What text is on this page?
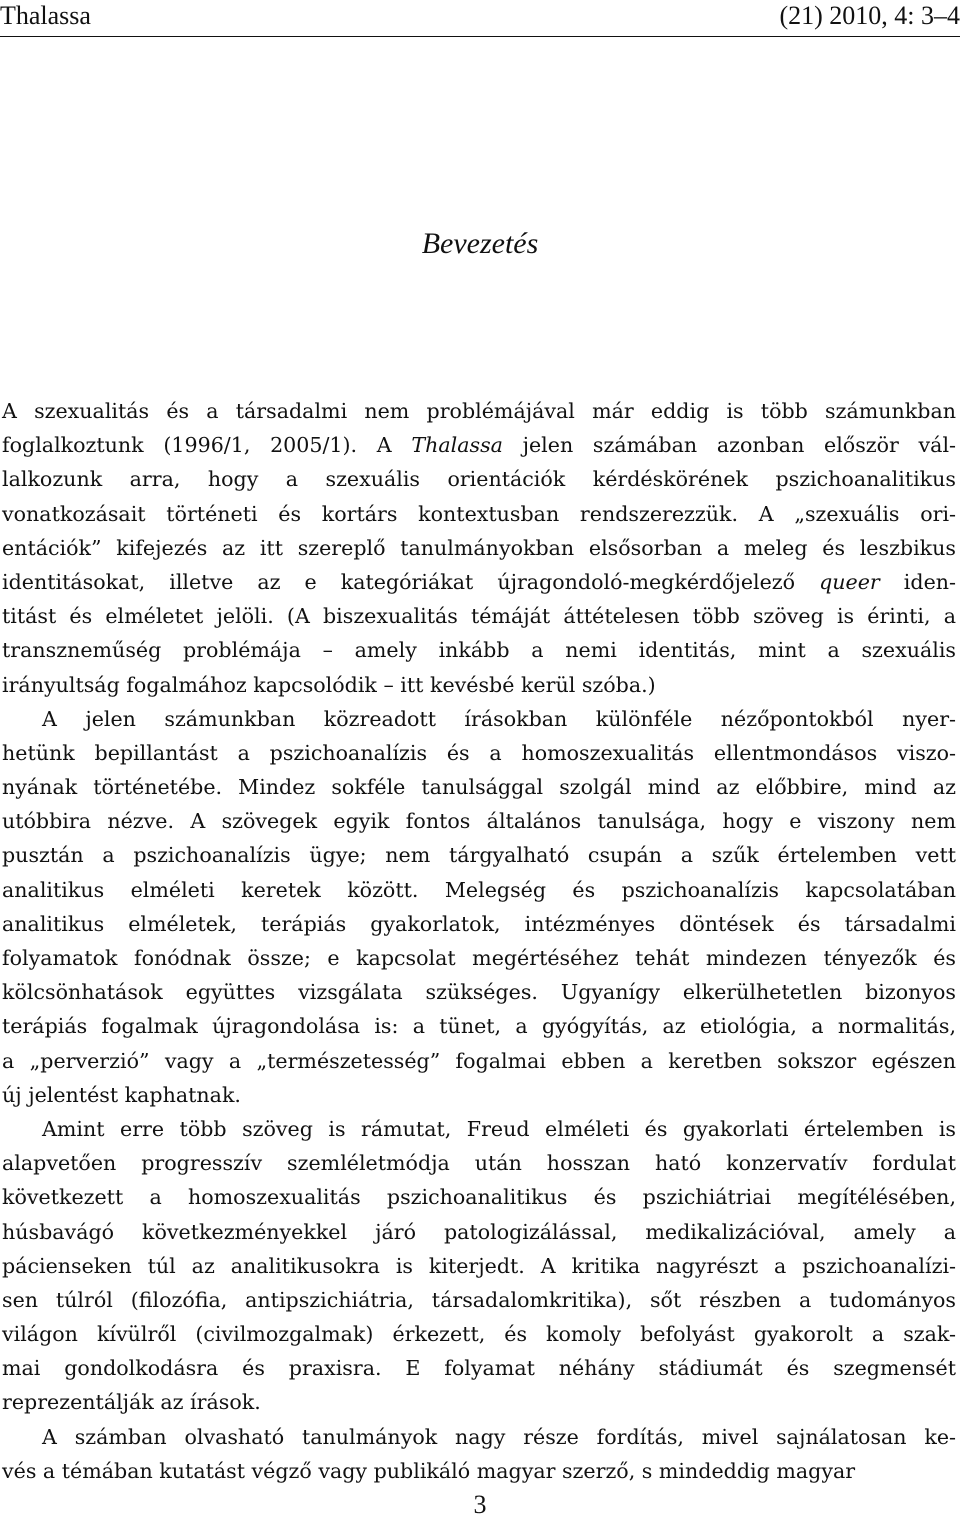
Thalassa	(21) 2010, 4: 3–4
Bevezetés
A szexualitás és a társadalmi nem problémájával már eddig is több számunkban
foglalkoztunk (1996/1, 2005/1). A Thalassa jelen számában azonban először vál-
lalkozunk arra, hogy a szexuális orientációk kérdéskörének pszichoanalitikus
vonatkozásait történeti és kortárs kontextusban rendszerezzük. A „szexuális ori-
entációk” kifejezés az itt szereplő tanulmányokban elsősorban a meleg és leszbikus
identitásokat, illetve az e kategóriákat újragondoló-megkérdőjelező queer iden-
titást és elméletet jelöli. (A biszexualitás témáját áttételesen több szöveg is érinti, a
transzneműség problémája – amely inkább a nemi identitás, mint a szexuális
irányultság fogalmához kapcsolódik – itt kevésbé kerül szóba.)
A jelen számunkban közreadott írásokban különféle nézőpontokból nyer-
hetünk bepillantást a pszichoanalízis és a homoszexualitás ellentmondásos viszo-
nyának történetébe. Mindez sokféle tanulsággal szolgál mind az előbbire, mind az
utóbbira nézve. A szövegek egyik fontos általános tanulsága, hogy e viszony nem
pusztán a pszichoanalízis ügye; nem tárgyalható csupán a szűk értelemben vett
analitikus elméleti keretek között. Melegség és pszichoanalízis kapcsolatában
analitikus elméletek, terápiás gyakorlatok, intézményes döntések és társadalmi
folyamatok fonódnak össze; e kapcsolat megértéséhez tehát mindezen tényezők és
kölcsönhatások együttes vizsgálata szükséges. Ugyanígy elkerülhetetlen bizonyos
terápiás fogalmak újragondolása is: a tünet, a gyógyítás, az etiológia, a normalitás,
a „perverzió” vagy a „természetesség” fogalmai ebben a keretben sokszor egészen
új jelentést kaphatnak.
Amint erre több szöveg is rámutat, Freud elméleti és gyakorlati értelemben is
alapvetően progresszív szemléletmódja után hosszan ható konzervatív fordulat
következett a homoszexualitás pszichoanalitikus és pszichiátriai megítélésében,
húsbavágó következményekkel járó patologizálással, medikalizációval, amely a
pácienseken túl az analitikusokra is kiterjedt. A kritika nagyrészt a pszichoanalízi-
sen túlról (filozófia, antipszichiátria, társadalomkritika), sőt részben a tudományos
világon kívülről (civilmozgalmak) érkezett, és komoly befolyást gyakorolt a szak-
mai gondolkodásra és praxisra. E folyamat néhány stádiumát és szegmensét
reprezentálják az írások.
A számban olvasható tanulmányok nagy része fordítás, mivel sajnálatosan ke-
vés a témában kutatást végző vagy publikáló magyar szerző, s mindeddig magyar
3
